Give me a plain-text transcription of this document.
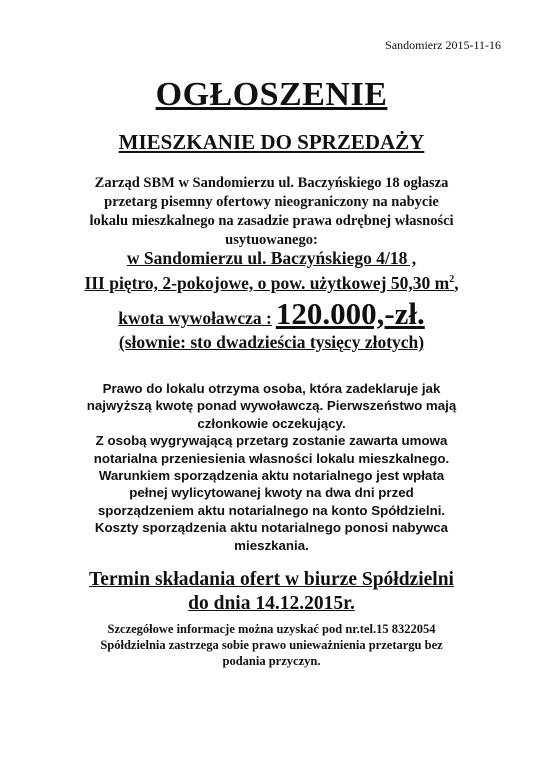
Sandomierz 2015-11-16
OGŁOSZENIE
MIESZKANIE DO SPRZEDAŻY
Zarząd SBM w Sandomierzu ul. Baczyńskiego 18 ogłasza
przetarg pisemny ofertowy nieograniczony na nabycie
lokalu mieszkalnego na zasadzie prawa odrębnej własności
usytuowanego:
w Sandomierzu ul. Baczyńskiego 4/18 ,
III piętro, 2-pokojowe, o pow. użytkowej 50,30 $m^2$,
kwota wywoławcza : 120.000,-zł.
(słownie: sto dwadzieścia tysięcy złotych)
Prawo do lokalu otrzyma osoba, która zadeklaruje jak
najwyższą kwotę ponad wywoławczą. Pierwszeństwo mają
członkowie oczekujący.
Z osobą wygrywającą przetarg zostanie zawarta umowa
notarialna przeniesienia własności lokalu mieszkalnego.
Warunkiem sporządzenia aktu notarialnego jest wpłata
pełnej wylicytowanej kwoty na dwa dni przed
sporządzeniem aktu notarialnego na konto Spółdzielni.
Koszty sporządzenia aktu notarialnego ponosi nabywca
mieszkania.
Termin składania ofert w biurze Spółdzielni
do dnia 14.12.2015r.
Szczegółowe informacje można uzyskać pod nr.tel.15 8322054
Spółdzielnia zastrzega sobie prawo unieważnienia przetargu bez
podania przyczyn.
